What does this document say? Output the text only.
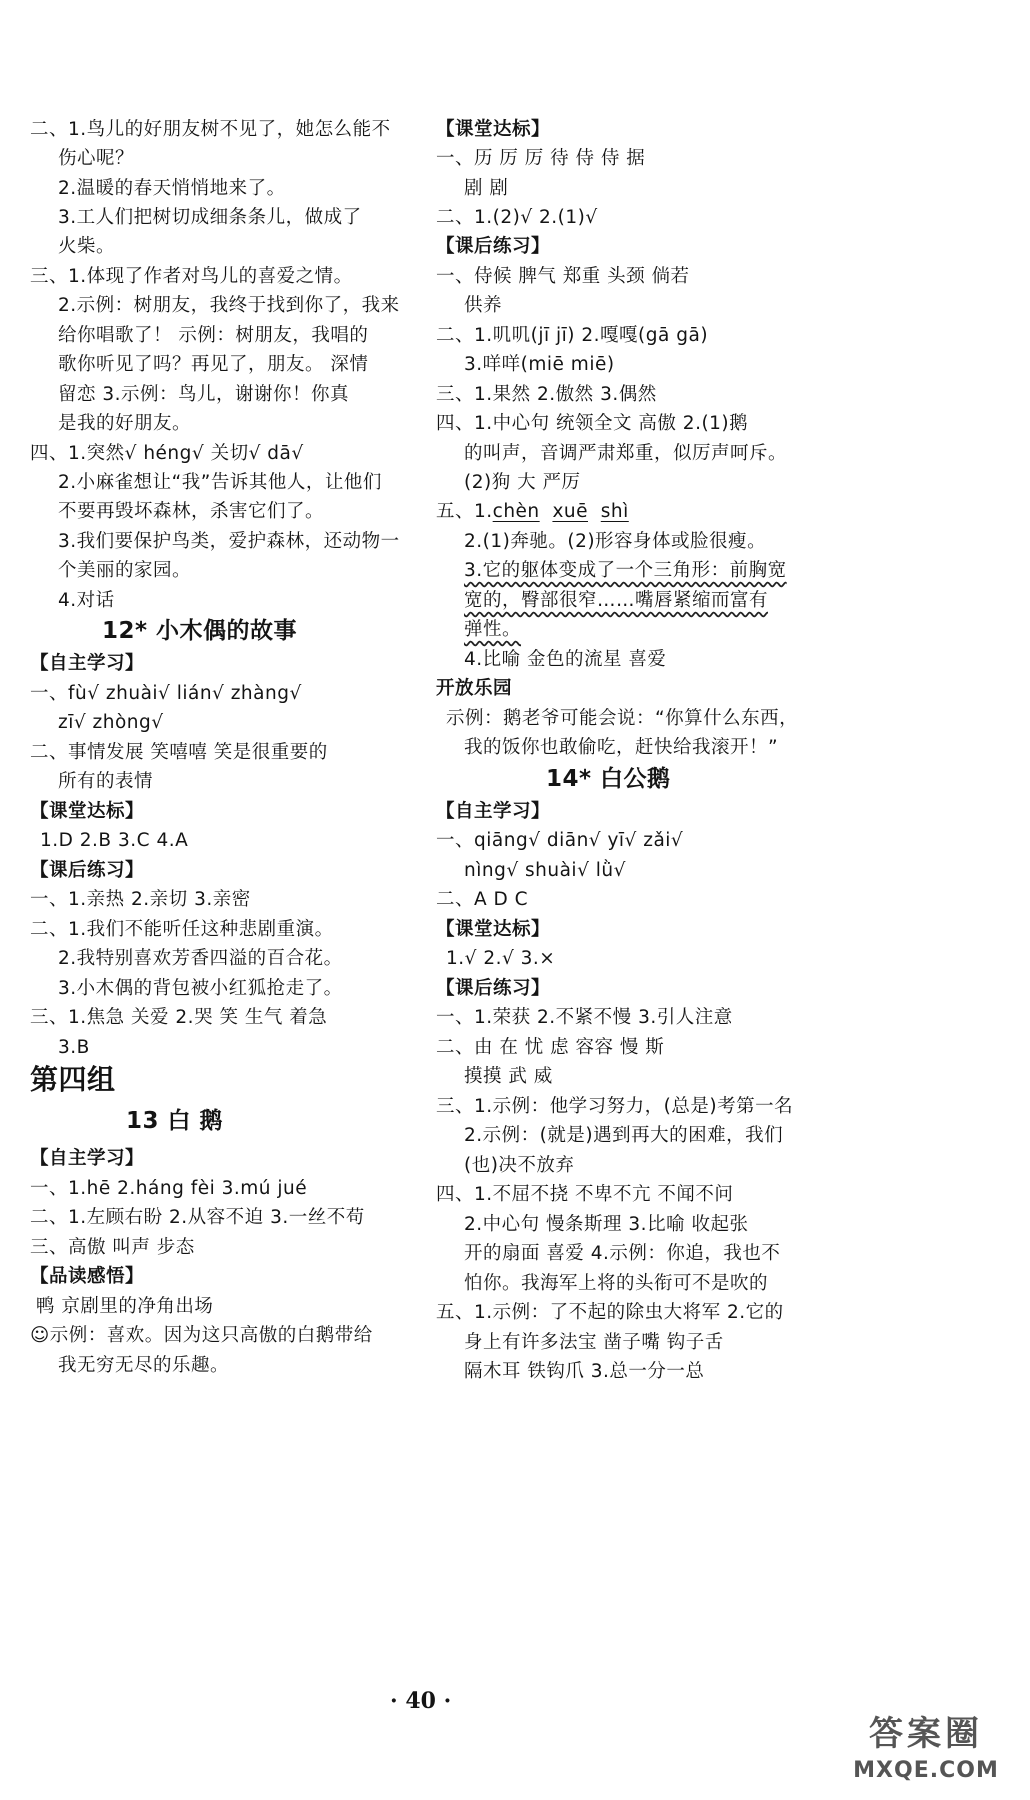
二、1.鸟儿的好朋友树不见了，她怎么能不
伤心呢？
2.温暖的春天悄悄地来了。
3.工人们把树切成细条条儿，做成了
火柴。
三、1.体现了作者对鸟儿的喜爱之情。
2.示例：树朋友，我终于找到你了，我来
给你唱歌了！ 示例：树朋友，我唱的
歌你听见了吗？再见了，朋友。 深情
留恋 3.示例：鸟儿，谢谢你！你真
是我的好朋友。
四、1.突然√ héng√ 关切√ dā√
2.小麻雀想让“我”告诉其他人，让他们
不要再毁坏森林，杀害它们了。
3.我们要保护鸟类，爱护森林，还动物一
个美丽的家园。
4.对话
12* 小木偶的故事
【自主学习】
一、fù√ zhuài√ lián√ zhàng√
zī√ zhòng√
二、事情发展 笑嘻嘻 笑是很重要的
所有的表情
【课堂达标】
1.D 2.B 3.C 4.A
【课后练习】
一、1.亲热 2.亲切 3.亲密
二、1.我们不能听任这种悲剧重演。
2.我特别喜欢芳香四溢的百合花。
3.小木偶的背包被小红狐抢走了。
三、1.焦急 关爱 2.哭 笑 生气 着急
3.B
第四组
13 白 鹅
【自主学习】
一、1.hē 2.háng fèi 3.mú jué
二、1.左顾右盼 2.从容不迫 3.一丝不苟
三、高傲 叫声 步态
【品读感悟】
鸭 京剧里的净角出场
☺示例：喜欢。因为这只高傲的白鹅带给
我无穷无尽的乐趣。
【课堂达标】
一、历 厉 厉 待 侍 侍 据
剧 剧
二、1.(2)√ 2.(1)√
【课后练习】
一、侍候 脾气 郑重 头颈 倘若
供养
二、1.叽叽(jī jī) 2.嘎嘎(gā gā)
3.咩咩(miē miē)
三、1.果然 2.傲然 3.偶然
四、1.中心句 统领全文 高傲 2.(1)鹅
的叫声，音调严肃郑重，似厉声呵斥。
(2)狗 大 严厉
五、1.chèn xuē shì
2.(1)奔驰。(2)形容身体或脸很瘦。
3.它的躯体变成了一个三角形：前胸宽
宽的，臀部很窄……嘴唇紧缩而富有
弹性。
4.比喻 金色的流星 喜爱
开放乐园
示例：鹅老爷可能会说：“你算什么东西，
我的饭你也敢偷吃，赶快给我滚开！”
14* 白公鹅
【自主学习】
一、qiāng√ diān√ yī√ zǎi√
nìng√ shuài√ lǜ√
二、A D C
【课堂达标】
1.√ 2.√ 3.×
【课后练习】
一、1.荣获 2.不紧不慢 3.引人注意
二、由 在 忧 虑 容容 慢 斯
摸摸 武 威
三、1.示例：他学习努力，(总是)考第一名
2.示例：(就是)遇到再大的困难，我们
(也)决不放弃
四、1.不屈不挠 不卑不亢 不闻不问
2.中心句 慢条斯理 3.比喻 收起张
开的扇面 喜爱 4.示例：你追，我也不
怕你。我海军上将的头衔可不是吹的
五、1.示例：了不起的除虫大将军 2.它的
身上有许多法宝 凿子嘴 钩子舌
隔木耳 铁钩爪 3.总一分一总
· 40 ·
答案圈
MXQE.COM
